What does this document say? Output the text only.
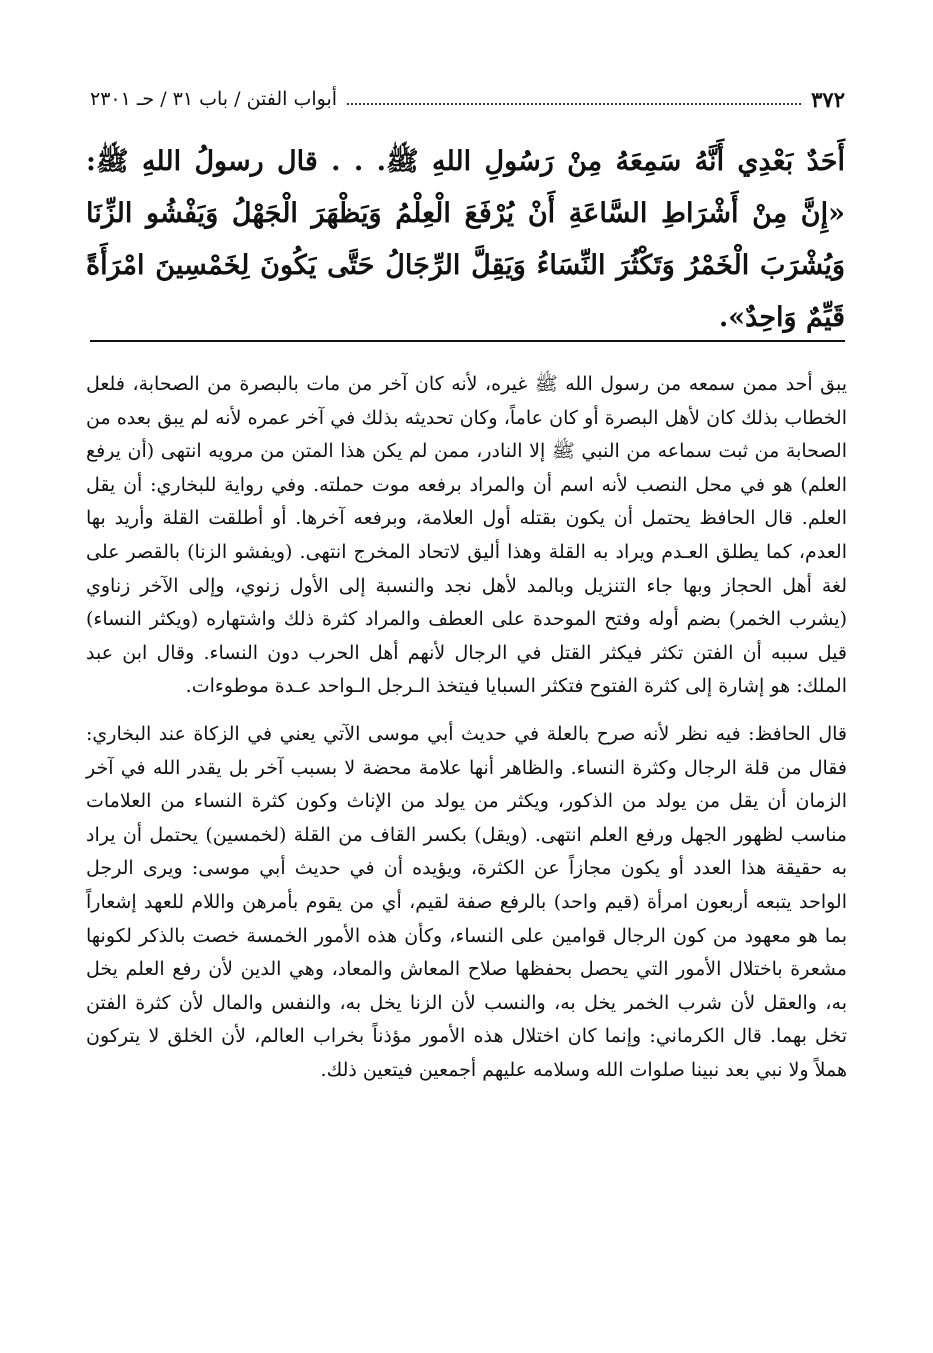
٣٧٢
أبواب الفتن / باب ٣١ / حـ ٢٣٠١

أَحَدٌ بَعْدِي أَنَّهُ سَمِعَهُ مِنْ رَسُولِ اللهِ ﷺ. . . قال رسولُ اللهِ ﷺ: «إِنَّ مِنْ أَشْرَاطِ السَّاعَةِ أَنْ يُرْفَعَ الْعِلْمُ وَيَظْهَرَ الْجَهْلُ وَيَفْشُو الزِّنَا وَيُشْرَبَ الْخَمْرُ وَتَكْثُرَ النِّسَاءُ وَيَقِلَّ الرِّجَالُ حَتَّى يَكُونَ لِخَمْسِينَ امْرَأَةً قَيِّمٌ وَاحِدٌ».

يبق أحد ممن سمعه من رسول الله ﷺ غيره، لأنه كان آخر من مات بالبصرة من الصحابة، فلعل الخطاب بذلك كان لأهل البصرة أو كان عاماً، وكان تحديثه بذلك في آخر عمره لأنه لم يبق بعده من الصحابة من ثبت سماعه من النبي ﷺ إلا النادر، ممن لم يكن هذا المتن من مرويه انتهى (أن يرفع العلم) هو في محل النصب لأنه اسم أن والمراد برفعه موت حملته. وفي رواية للبخاري: أن يقل العلم. قال الحافظ يحتمل أن يكون بقتله أول العلامة، وبرفعه آخرها. أو أطلقت القلة وأريد بها العدم، كما يطلق العـدم ويراد به القلة وهذا أليق لاتحاد المخرج انتهى. (ويفشو الزنا) بالقصر على لغة أهل الحجاز وبها جاء التنزيل وبالمد لأهل نجد والنسبة إلى الأول زنوي، وإلى الآخر زناوي (يشرب الخمر) بضم أوله وفتح الموحدة على العطف والمراد كثرة ذلك واشتهاره (ويكثر النساء) قيل سببه أن الفتن تكثر فيكثر القتل في الرجال لأنهم أهل الحرب دون النساء. وقال ابن عبد الملك: هو إشارة إلى كثرة الفتوح فتكثر السبايا فيتخذ الـرجل الـواحد عـدة موطوءات.

قال الحافظ: فيه نظر لأنه صرح بالعلة في حديث أبي موسى الآتي يعني في الزكاة عند البخاري: فقال من قلة الرجال وكثرة النساء. والظاهر أنها علامة محضة لا بسبب آخر بل يقدر الله في آخر الزمان أن يقل من يولد من الذكور، ويكثر من يولد من الإناث وكون كثرة النساء من العلامات مناسب لظهور الجهل ورفع العلم انتهى. (ويقل) بكسر القاف من القلة (لخمسين) يحتمل أن يراد به حقيقة هذا العدد أو يكون مجازاً عن الكثرة، ويؤيده أن في حديث أبي موسى: ويرى الرجل الواحد يتبعه أربعون امرأة (قيم واحد) بالرفع صفة لقيم، أي من يقوم بأمرهن واللام للعهد إشعاراً بما هو معهود من كون الرجال قوامين على النساء، وكأن هذه الأمور الخمسة خصت بالذكر لكونها مشعرة باختلال الأمور التي يحصل بحفظها صلاح المعاش والمعاد، وهي الدين لأن رفع العلم يخل به، والعقل لأن شرب الخمر يخل به، والنسب لأن الزنا يخل به، والنفس والمال لأن كثرة الفتن تخل بهما. قال الكرماني: وإنما كان اختلال هذه الأمور مؤذناً بخراب العالم، لأن الخلق لا يتركون هملاً ولا نبي بعد نبينا صلوات الله وسلامه عليهم أجمعين فيتعين ذلك.
